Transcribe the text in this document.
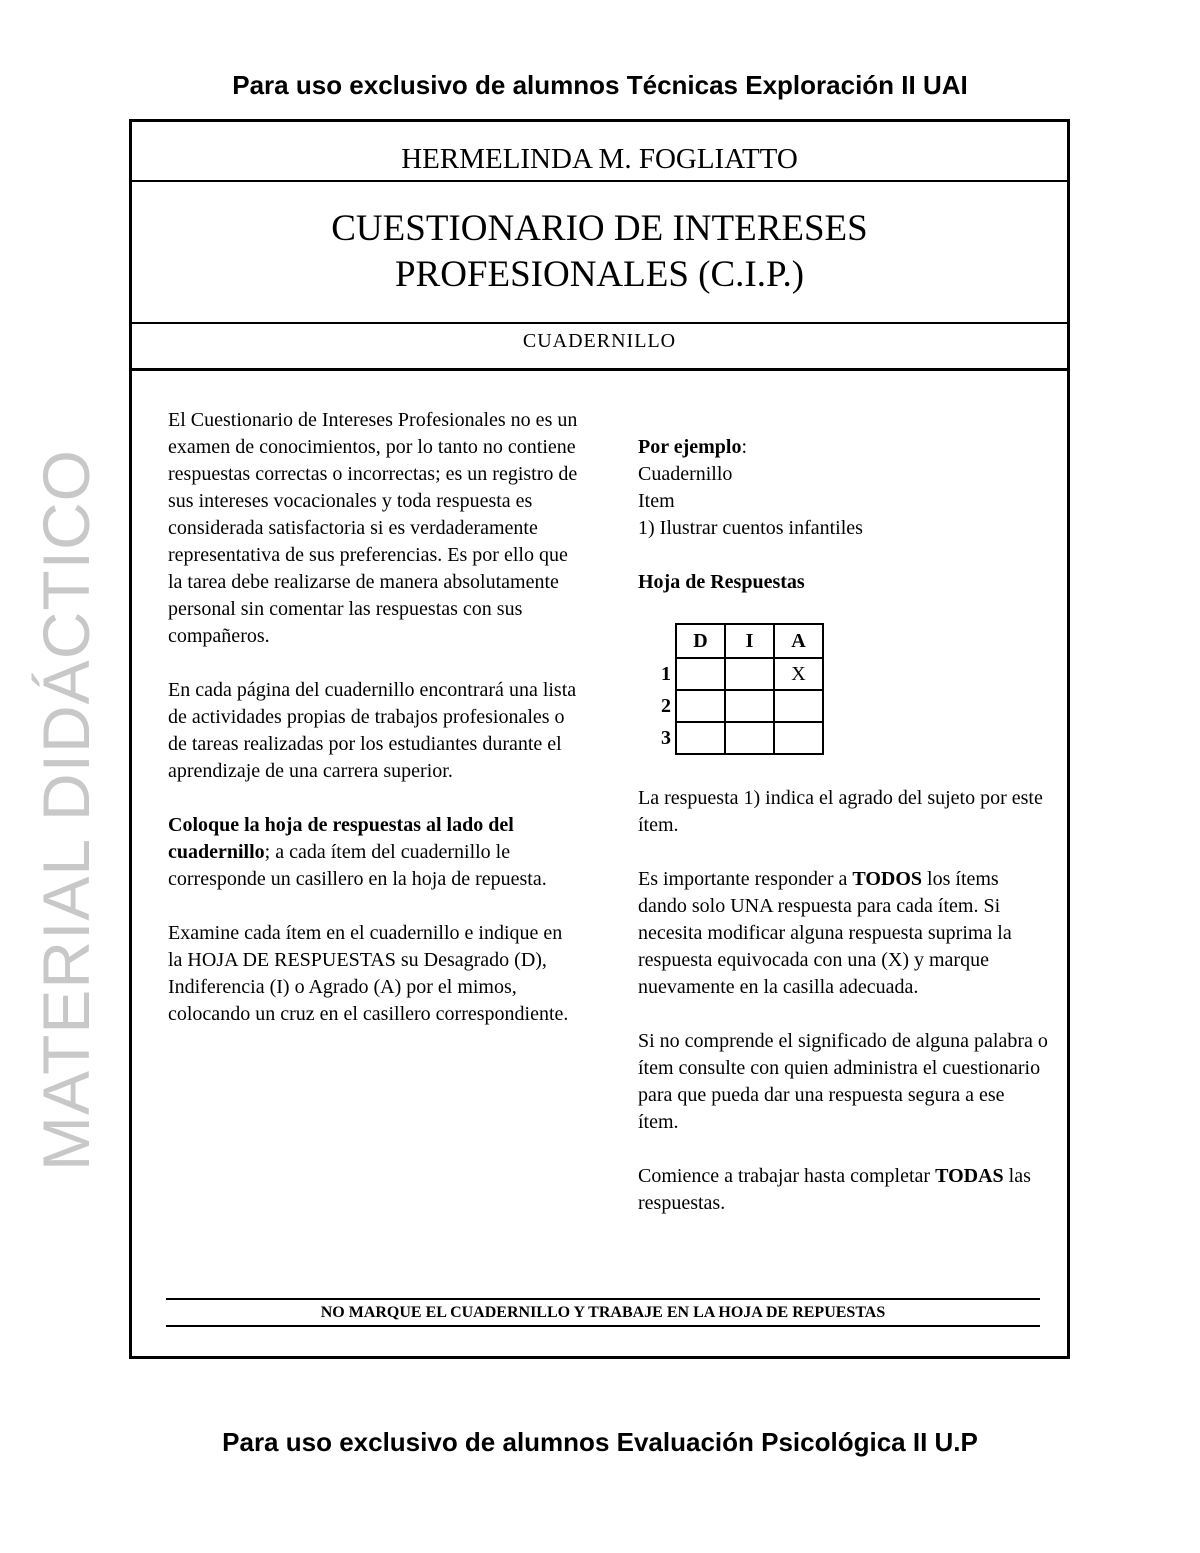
Para uso exclusivo de alumnos Técnicas Exploración II UAI
MATERIAL DIDÁCTICO
HERMELINDA M. FOGLIATTO
CUESTIONARIO DE INTERESES
PROFESIONALES (C.I.P.)
CUADERNILLO

El Cuestionario de Intereses Profesionales no es un examen de conocimientos, por lo tanto no contiene respuestas correctas o incorrectas; es un registro de sus intereses vocacionales y toda respuesta es considerada satisfactoria si es verdaderamente representativa de sus preferencias. Es por ello que la tarea debe realizarse de manera absolutamente personal sin comentar las respuestas con sus compañeros.

En cada página del cuadernillo encontrará una lista de actividades propias de trabajos profesionales o de tareas realizadas por los estudiantes durante el aprendizaje de una carrera superior.

Coloque la hoja de respuestas al lado del cuadernillo; a cada ítem del cuadernillo le corresponde un casillero en la hoja de repuesta.

Examine cada ítem en el cuadernillo e indique en la HOJA DE RESPUESTAS su Desagrado (D), Indiferencia (I) o Agrado (A) por el mimos, colocando un cruz en el casillero correspondiente.

Por ejemplo:

Cuadernillo

Item

1) Ilustrar cuentos infantiles

Hoja de Respuestas

La respuesta 1) indica el agrado del sujeto por este ítem.

Es importante responder a TODOS los ítems dando solo UNA respuesta para cada ítem. Si necesita modificar alguna respuesta suprima la respuesta equivocada con una (X) y marque nuevamente en la casilla adecuada.

Si no comprende el significado de alguna palabra o ítem consulte con quien administra el cuestionario para que pueda dar una respuesta segura a ese ítem.

Comience a trabajar hasta completar TODAS las respuestas.

	D	I	A
1			X
2			
3			
NO MARQUE EL CUADERNILLO Y TRABAJE EN LA HOJA DE REPUESTAS
Para uso exclusivo de alumnos Evaluación Psicológica II U.P
